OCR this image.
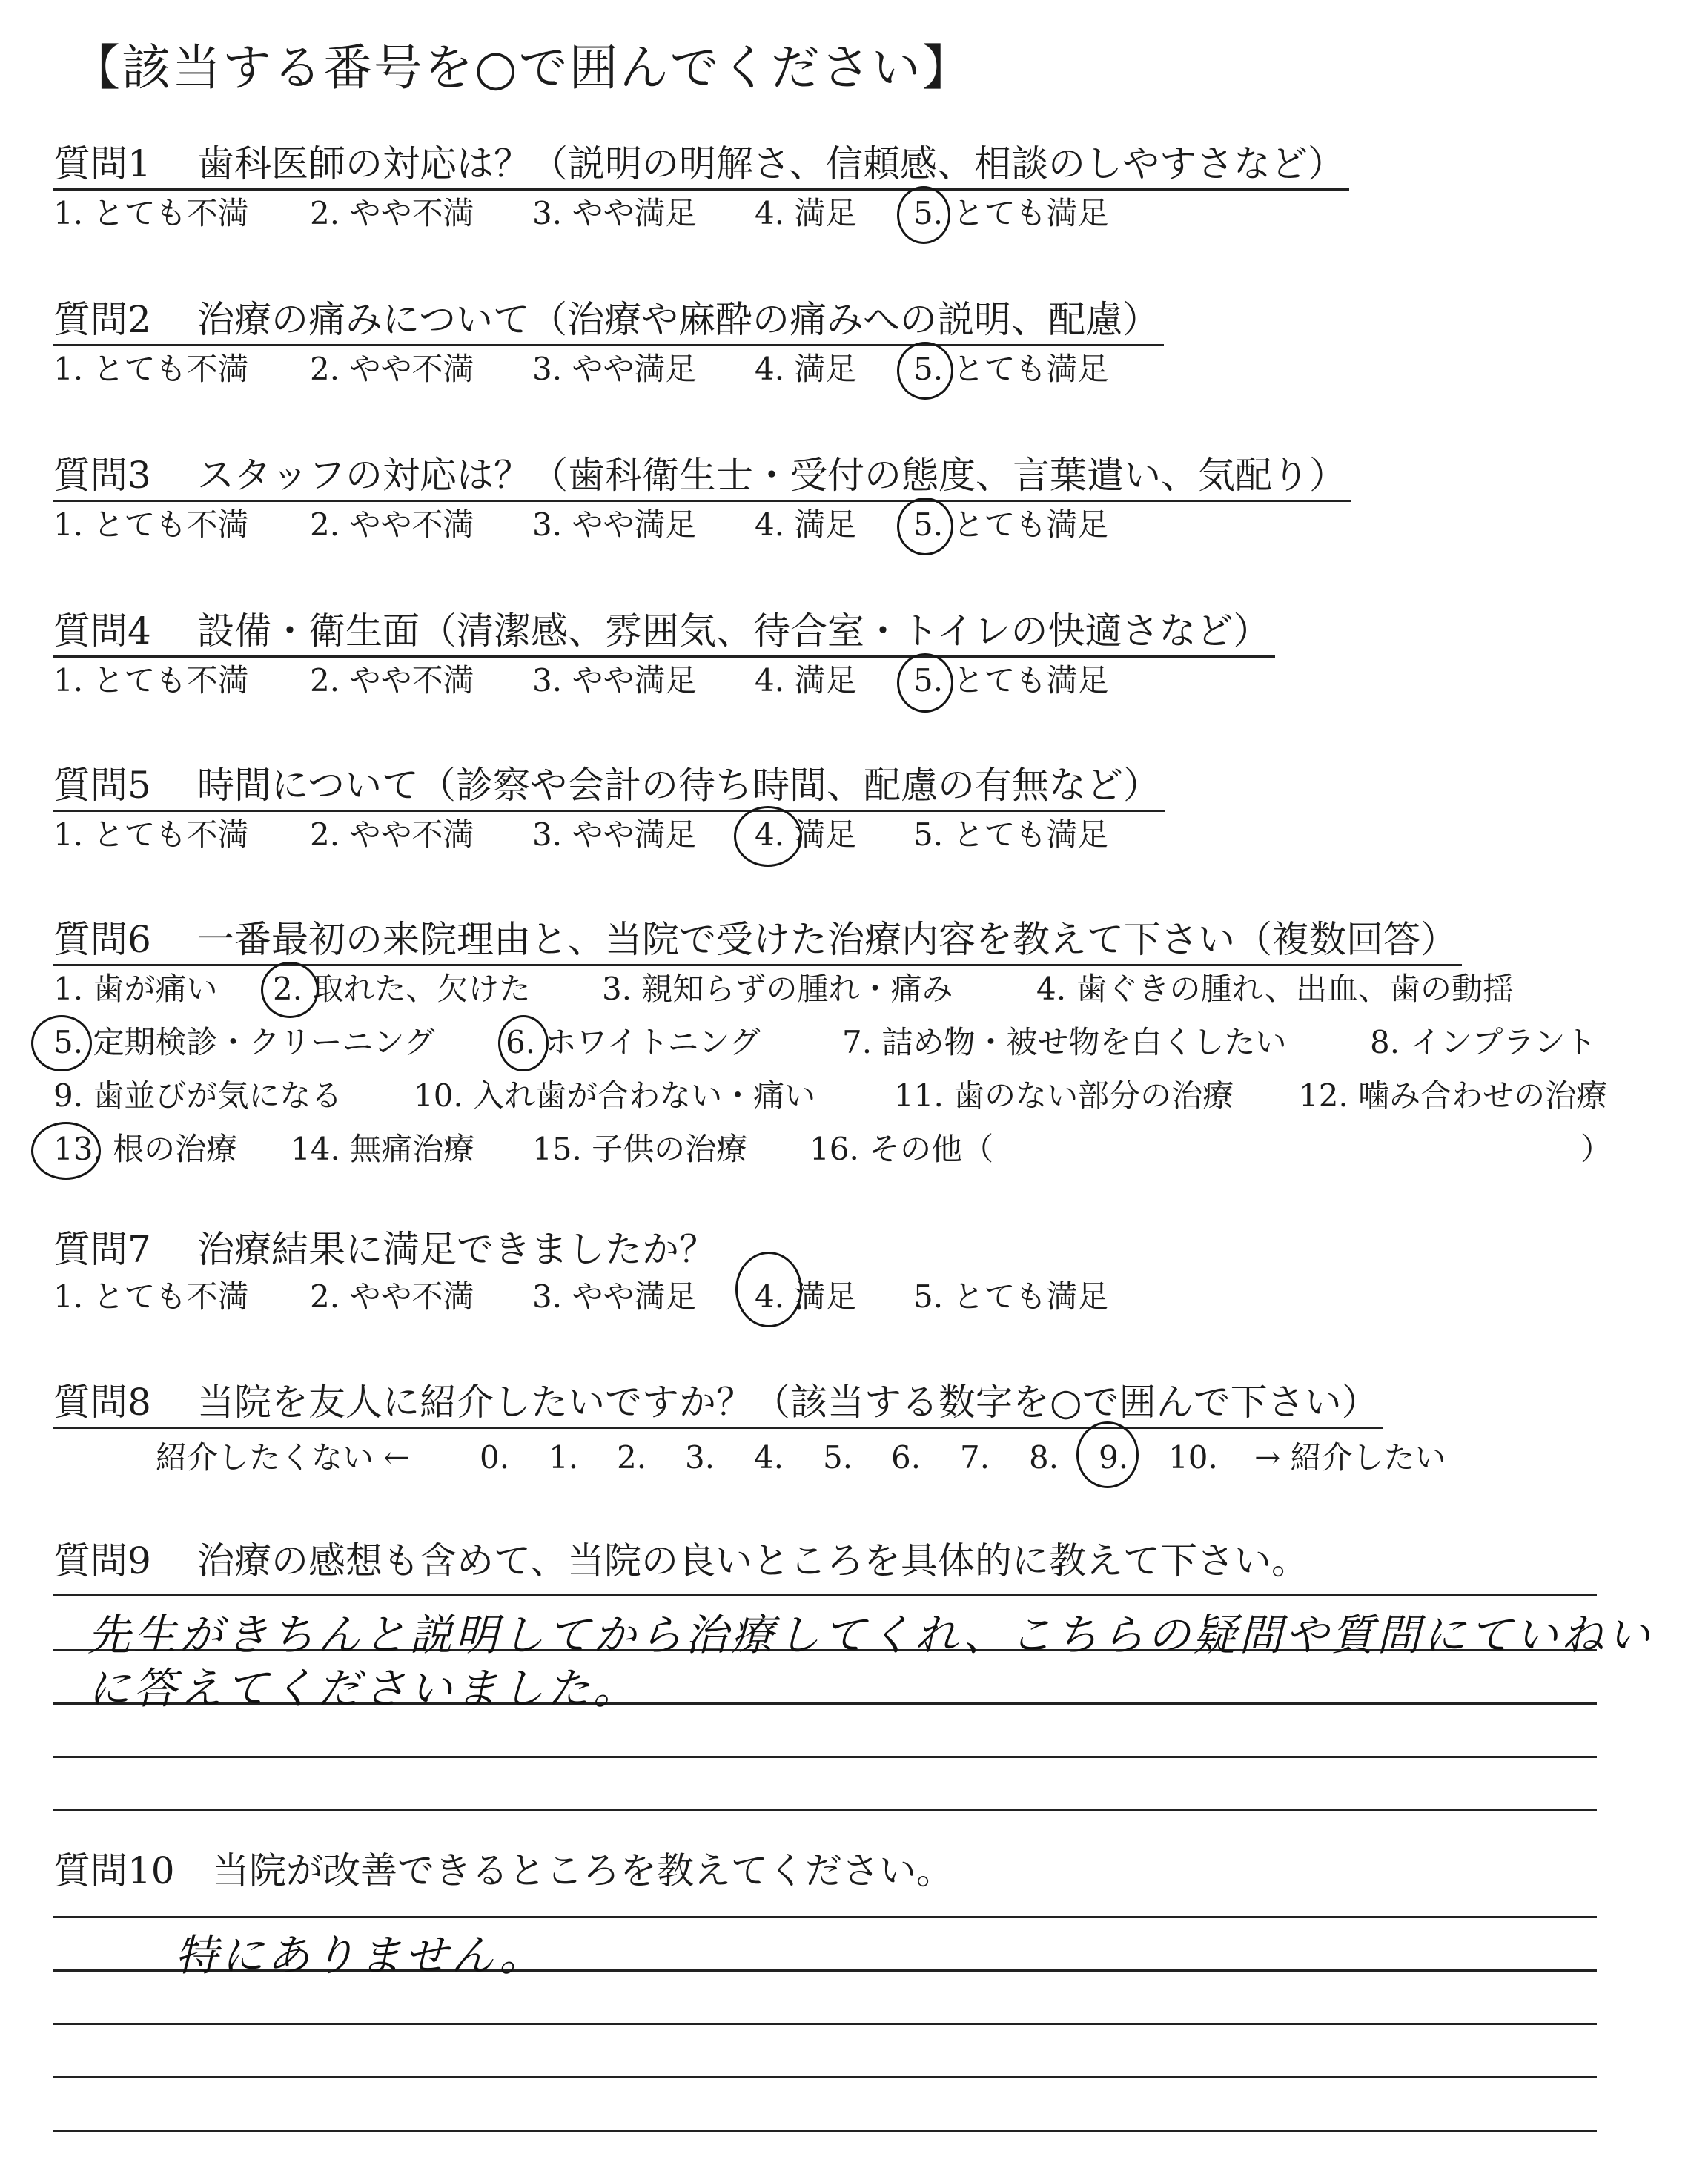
【該当する番号を○で囲んでください】
質問1 歯科医師の対応は？（説明の明解さ、信頼感、相談のしやすさなど）
1. とても不満 2. やや不満 3. やや満足 4. 満足 5. とても満足
質問2 治療の痛みについて（治療や麻酔の痛みへの説明、配慮）
1. とても不満 2. やや不満 3. やや満足 4. 満足 5. とても満足
質問3 スタッフの対応は？（歯科衛生士・受付の態度、言葉遣い、気配り）
1. とても不満 2. やや不満 3. やや満足 4. 満足 5. とても満足
質問4 設備・衛生面（清潔感、雰囲気、待合室・トイレの快適さなど）
1. とても不満 2. やや不満 3. やや満足 4. 満足 5. とても満足
質問5 時間について（診察や会計の待ち時間、配慮の有無など）
1. とても不満 2. やや不満 3. やや満足 4. 満足 5. とても満足
質問6 一番最初の来院理由と、当院で受けた治療内容を教えて下さい（複数回答）
1. 歯が痛い 2. 取れた、欠けた 3. 親知らずの腫れ・痛み	4. 歯ぐきの腫れ、出血、歯の動揺
5. 定期検診・クリーニング 6. ホワイトニング	7. 詰め物・被せ物を白くしたい	8. インプラント
9. 歯並びが気になる 10. 入れ歯が合わない・痛い	11. 歯のない部分の治療 12. 噛み合わせの治療
13. 根の治療 14. 無痛治療 15. 子供の治療 16. その他（	）
質問7 治療結果に満足できましたか？
1. とても不満 2. やや不満 3. やや満足 4. 満足 5. とても満足
質問8 当院を友人に紹介したいですか？（該当する数字を○で囲んで下さい）
紹介したくない ← 0. 1. 2. 3. 4. 5. 6. 7. 8. 9. 10. → 紹介したい
質問9 治療の感想も含めて、当院の良いところを具体的に教えて下さい。
先生がきちんと説明してから治療してくれ、こちらの疑問や質問にていねい
に答えてくださいました。
質問10 当院が改善できるところを教えてください。
特にありません。
